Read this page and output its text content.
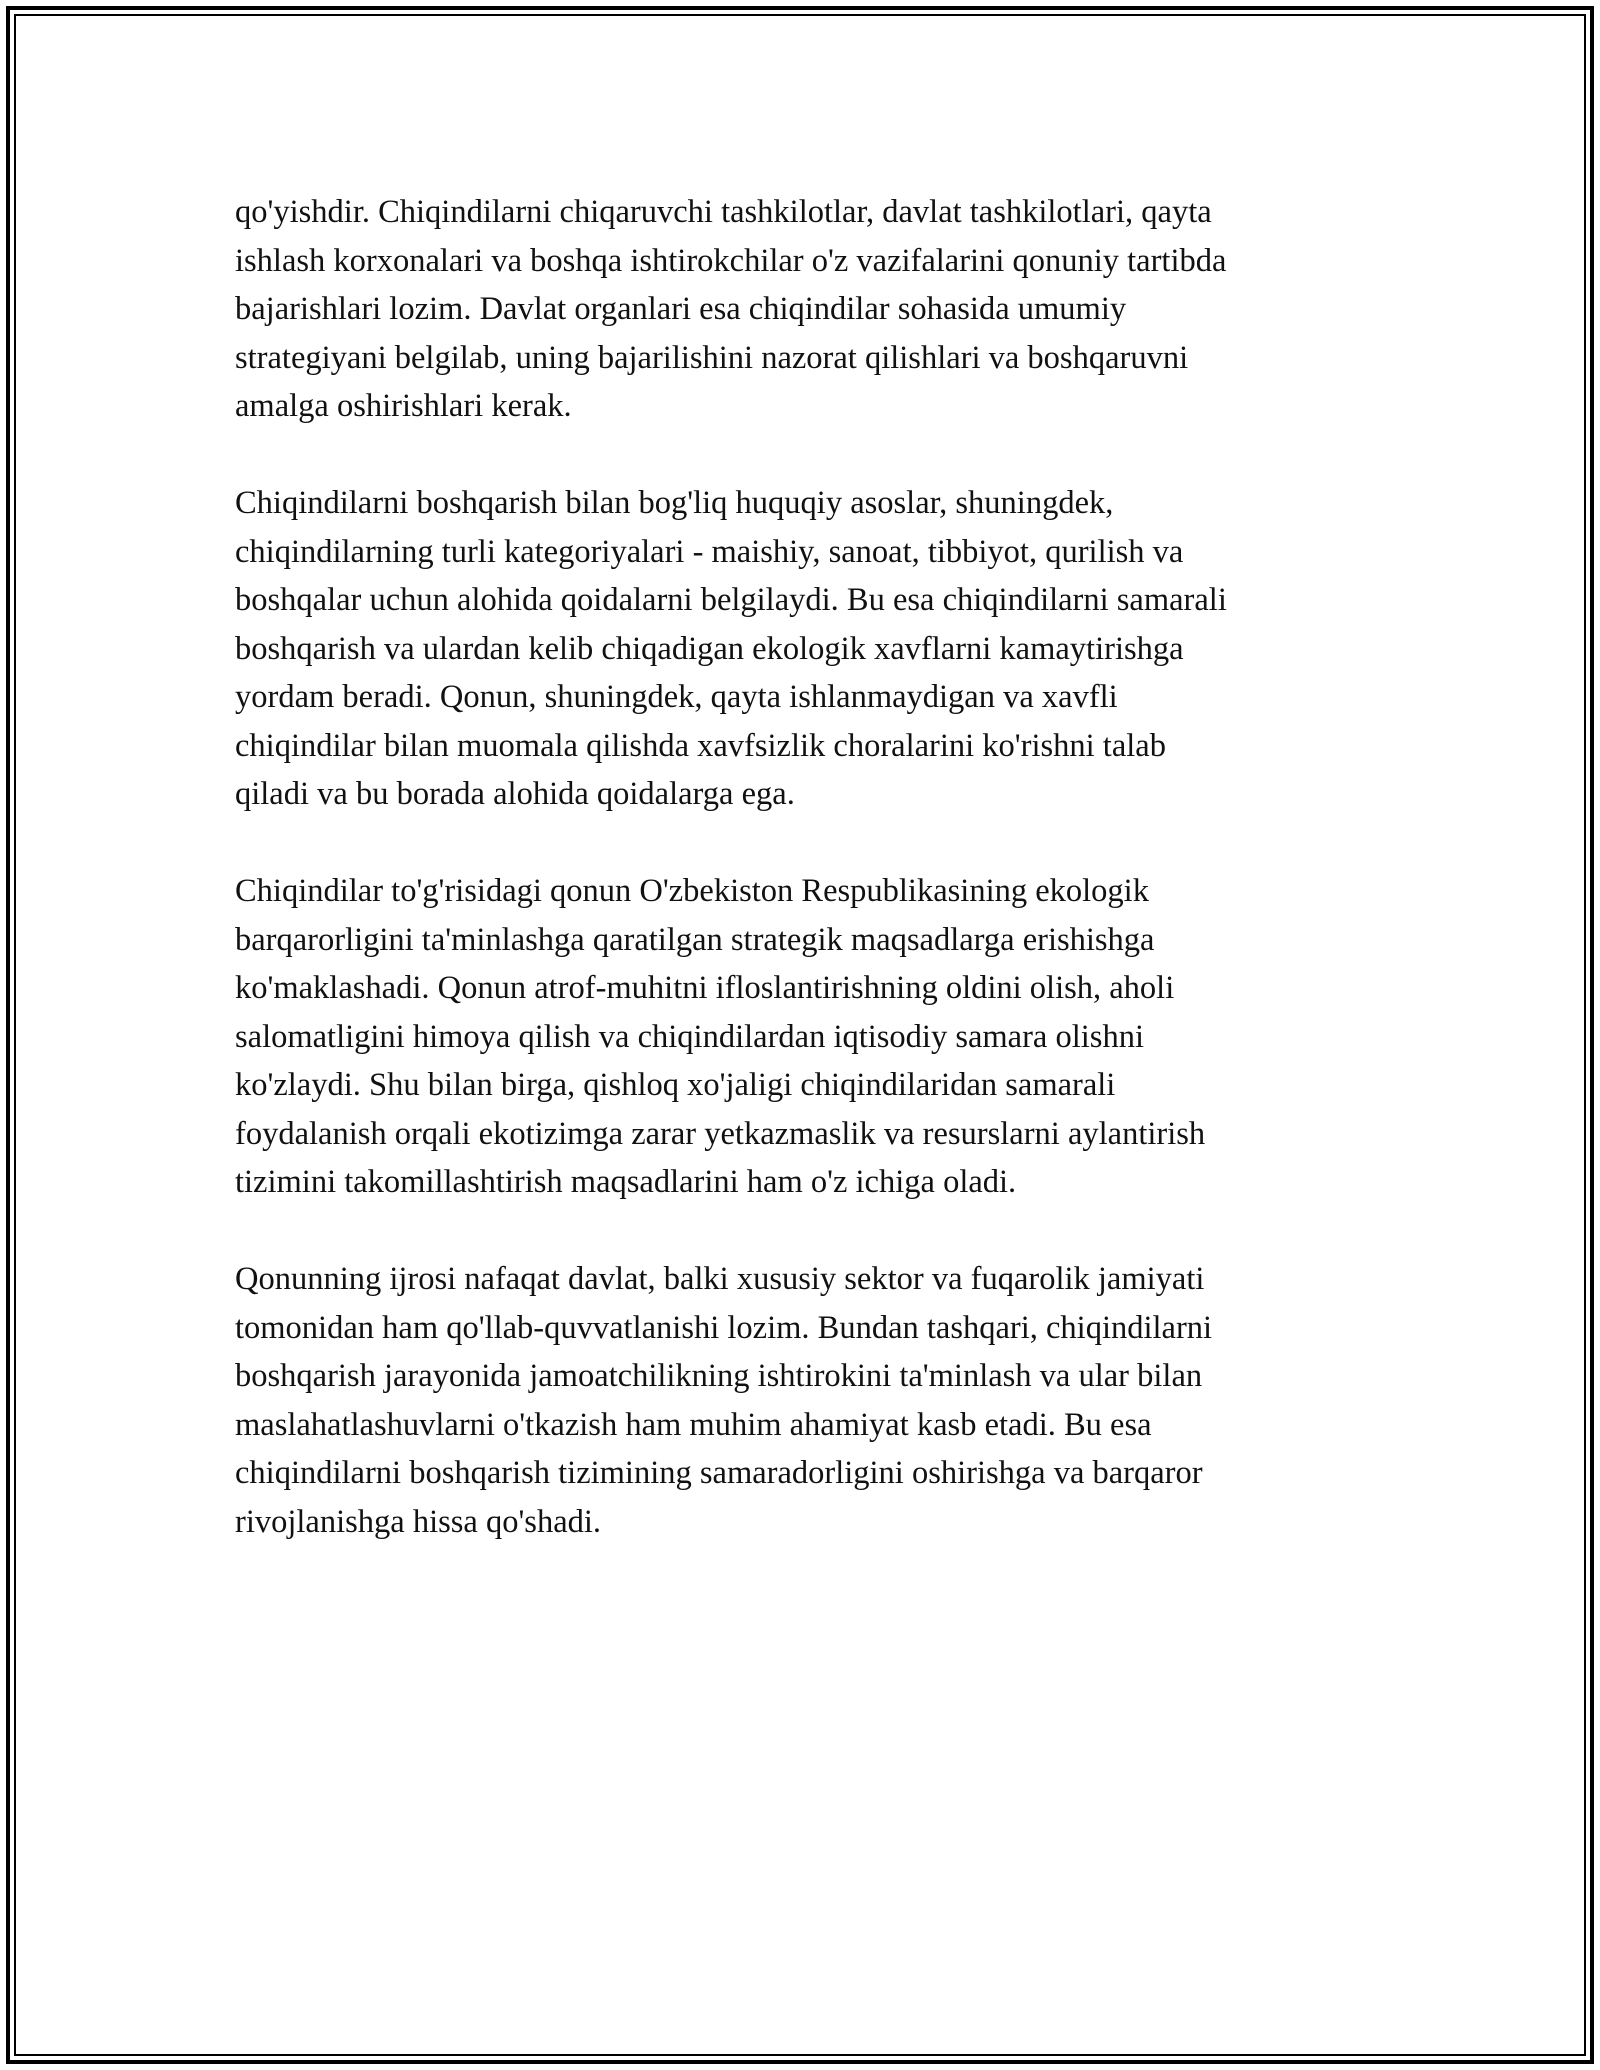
qo'yishdir. Chiqindilarni chiqaruvchi tashkilotlar, davlat tashkilotlari, qayta
ishlash korxonalari va boshqa ishtirokchilar o'z vazifalarini qonuniy tartibda
bajarishlari lozim. Davlat organlari esa chiqindilar sohasida umumiy
strategiyani belgilab, uning bajarilishini nazorat qilishlari va boshqaruvni
amalga oshirishlari kerak.

Chiqindilarni boshqarish bilan bog'liq huquqiy asoslar, shuningdek,
chiqindilarning turli kategoriyalari - maishiy, sanoat, tibbiyot, qurilish va
boshqalar uchun alohida qoidalarni belgilaydi. Bu esa chiqindilarni samarali
boshqarish va ulardan kelib chiqadigan ekologik xavflarni kamaytirishga
yordam beradi. Qonun, shuningdek, qayta ishlanmaydigan va xavfli
chiqindilar bilan muomala qilishda xavfsizlik choralarini ko'rishni talab
qiladi va bu borada alohida qoidalarga ega.

Chiqindilar to'g'risidagi qonun O'zbekiston Respublikasining ekologik
barqarorligini ta'minlashga qaratilgan strategik maqsadlarga erishishga
ko'maklashadi. Qonun atrof-muhitni ifloslantirishning oldini olish, aholi
salomatligini himoya qilish va chiqindilardan iqtisodiy samara olishni
ko'zlaydi. Shu bilan birga, qishloq xo'jaligi chiqindilaridan samarali
foydalanish orqali ekotizimga zarar yetkazmaslik va resurslarni aylantirish
tizimini takomillashtirish maqsadlarini ham o'z ichiga oladi.

Qonunning ijrosi nafaqat davlat, balki xususiy sektor va fuqarolik jamiyati
tomonidan ham qo'llab-quvvatlanishi lozim. Bundan tashqari, chiqindilarni
boshqarish jarayonida jamoatchilikning ishtirokini ta'minlash va ular bilan
maslahatlashuvlarni o'tkazish ham muhim ahamiyat kasb etadi. Bu esa
chiqindilarni boshqarish tizimining samaradorligini oshirishga va barqaror
rivojlanishga hissa qo'shadi.
